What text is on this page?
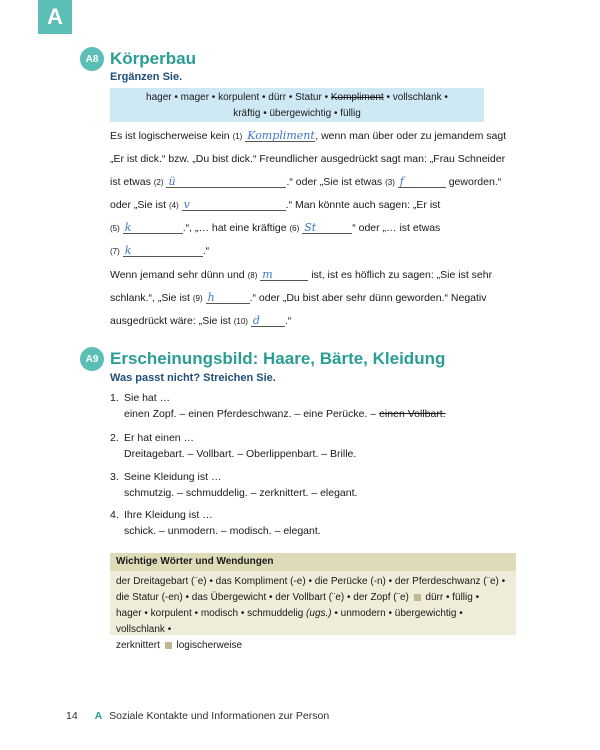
A
A8 Körperbau
Ergänzen Sie.
hager • mager • korpulent • dürr • Statur • Kompliment • vollschlank •
kräftig • übergewichtig • füllig
Es ist logischerweise kein (1) Kompliment, wenn man über oder zu jemandem sagt
„Er ist dick.“ bzw. „Du bist dick.“ Freundlicher ausgedrückt sagt man: „Frau Schneider
ist etwas (2) ü	.“ oder „Sie ist etwas (3) f	geworden.“
oder „Sie ist (4) v	.“ Man könnte auch sagen: „Er ist
(5) k	.“, „… hat eine kräftige (6) St	“ oder „… ist etwas
(7) k	.“
Wenn jemand sehr dünn und (8) m	ist, ist es höflich zu sagen: „Sie ist sehr
schlank.“, „Sie ist (9) h	.“ oder „Du bist aber sehr dünn geworden.“ Negativ
ausgedrückt wäre: „Sie ist (10) d .“
A9 Erscheinungsbild: Haare, Bärte, Kleidung
Was passt nicht? Streichen Sie.
1. Sie hat …
einen Zopf. – einen Pferdeschwanz. – eine Perücke. – einen Vollbart.
2. Er hat einen …
Dreitagebart. – Vollbart. – Oberlippenbart. – Brille.
3. Seine Kleidung ist …
schmutzig. – schmuddelig. – zerknittert. – elegant.
4. Ihre Kleidung ist …
schick. – unmodern. – modisch. – elegant.
Wichtige Wörter und Wendungen
der Dreitagebart (¨e) • das Kompliment (-e) • die Perücke (-n) • der Pferdeschwanz (¨e) •
die Statur (-en) • das Übergewicht • der Vollbart (¨e) • der Zopf (¨e) dürr • füllig •
hager • korpulent • modisch • schmuddelig (ugs.) • unmodern • übergewichtig • vollschlank •
zerknittert logischerweise
14 A Soziale Kontakte und Informationen zur Person
